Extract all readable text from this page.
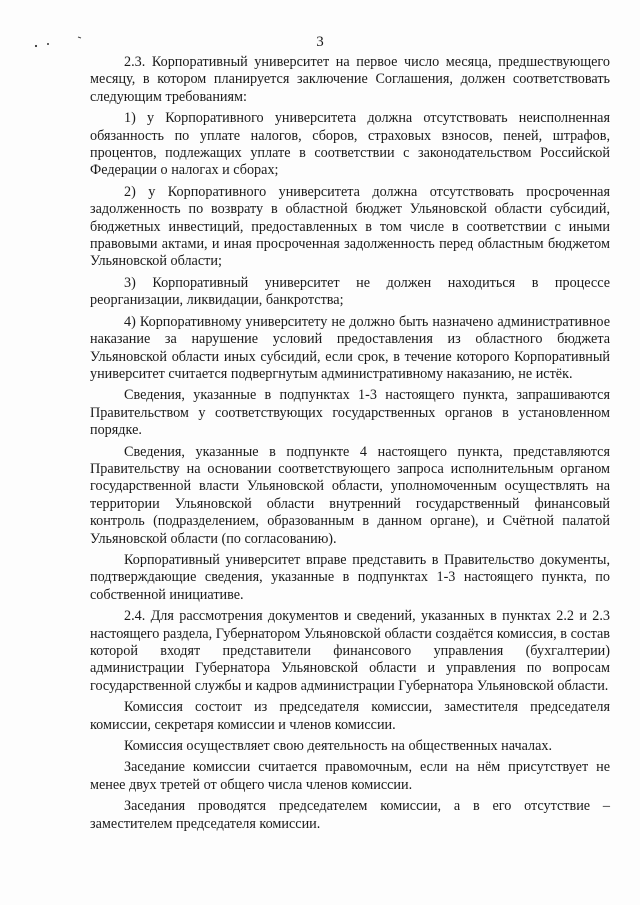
3

2.3. Корпоративный университет на первое число месяца, предшествующего месяцу, в котором планируется заключение Соглашения, должен соответствовать следующим требованиям:

1) у Корпоративного университета должна отсутствовать неисполненная обязанность по уплате налогов, сборов, страховых взносов, пеней, штрафов, процентов, подлежащих уплате в соответствии с законодательством Российской Федерации о налогах и сборах;

2) у Корпоративного университета должна отсутствовать просроченная задолженность по возврату в областной бюджет Ульяновской области субсидий, бюджетных инвестиций, предоставленных в том числе в соответствии с иными правовыми актами, и иная просроченная задолженность перед областным бюджетом Ульяновской области;

3) Корпоративный университет не должен находиться в процессе реорганизации, ликвидации, банкротства;

4) Корпоративному университету не должно быть назначено административное наказание за нарушение условий предоставления из областного бюджета Ульяновской области иных субсидий, если срок, в течение которого Корпоративный университет считается подвергнутым административному наказанию, не истёк.

Сведения, указанные в подпунктах 1-3 настоящего пункта, запрашиваются Правительством у соответствующих государственных органов в установленном порядке.

Сведения, указанные в подпункте 4 настоящего пункта, представляются Правительству на основании соответствующего запроса исполнительным органом государственной власти Ульяновской области, уполномоченным осуществлять на территории Ульяновской области внутренний государственный финансовый контроль (подразделением, образованным в данном органе), и Счётной палатой Ульяновской области (по согласованию).

Корпоративный университет вправе представить в Правительство документы, подтверждающие сведения, указанные в подпунктах 1-3 настоящего пункта, по собственной инициативе.

2.4. Для рассмотрения документов и сведений, указанных в пунктах 2.2 и 2.3 настоящего раздела, Губернатором Ульяновской области создаётся комиссия, в состав которой входят представители финансового управления (бухгалтерии) администрации Губернатора Ульяновской области и управления по вопросам государственной службы и кадров администрации Губернатора Ульяновской области.

Комиссия состоит из председателя комиссии, заместителя председателя комиссии, секретаря комиссии и членов комиссии.

Комиссия осуществляет свою деятельность на общественных началах.

Заседание комиссии считается правомочным, если на нём присутствует не менее двух третей от общего числа членов комиссии.

Заседания проводятся председателем комиссии, а в его отсутствие – заместителем председателя комиссии.
